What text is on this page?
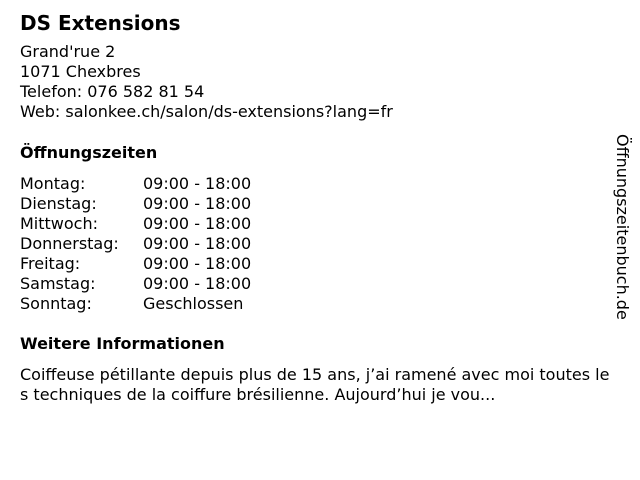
DS Extensions
Grand'rue 2
1071 Chexbres
Telefon: 076 582 81 54
Web: salonkee.ch/salon/ds-extensions?lang=fr
Öffnungszeiten
Montag:	09:00 - 18:00
Dienstag:	09:00 - 18:00
Mittwoch:	09:00 - 18:00
Donnerstag:	09:00 - 18:00
Freitag:	09:00 - 18:00
Samstag:	09:00 - 18:00
Sonntag:	Geschlossen
Weitere Informationen
Coiffeuse pétillante depuis plus de 15 ans, j’ai ramené avec moi toutes les techniques de la coiffure brésilienne. Aujourd’hui je vou...
Öffnungszeitenbuch.de
